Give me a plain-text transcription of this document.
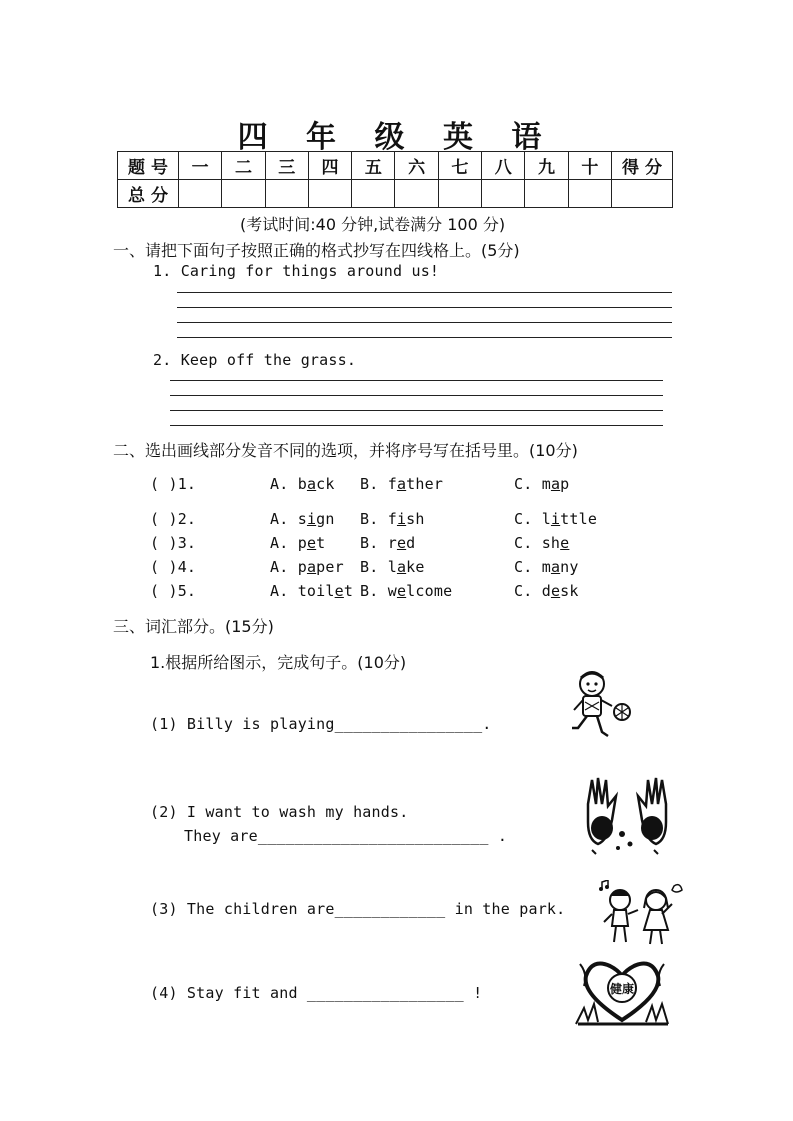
四 年 级 英 语
题 号	一	二	三	四	五	六	七	八	九	十	得 分
总 分											
(考试时间:40 分钟,试卷满分 100 分)
一、请把下面句子按照正确的格式抄写在四线格上。(5分)
1. Caring for things around us!
2. Keep off the grass.
二、选出画线部分发音不同的选项，并将序号写在括号里。(10分)
( )1.	A. back B. father	C. map
( )2.	A. sign B. fish	C. little
( )3.	A. pet B. red	C. she
( )4.	A. paper B. lake	C. many
( )5.	A. toilet B. welcome	C. desk
三、词汇部分。(15分)
1.根据所给图示，完成句子。(10分)
(1) Billy is playing________________.
(2) I want to wash my hands.
They are_________________________ .
(3) The children are____________ in the park.
(4) Stay fit and _________________ !	健康
